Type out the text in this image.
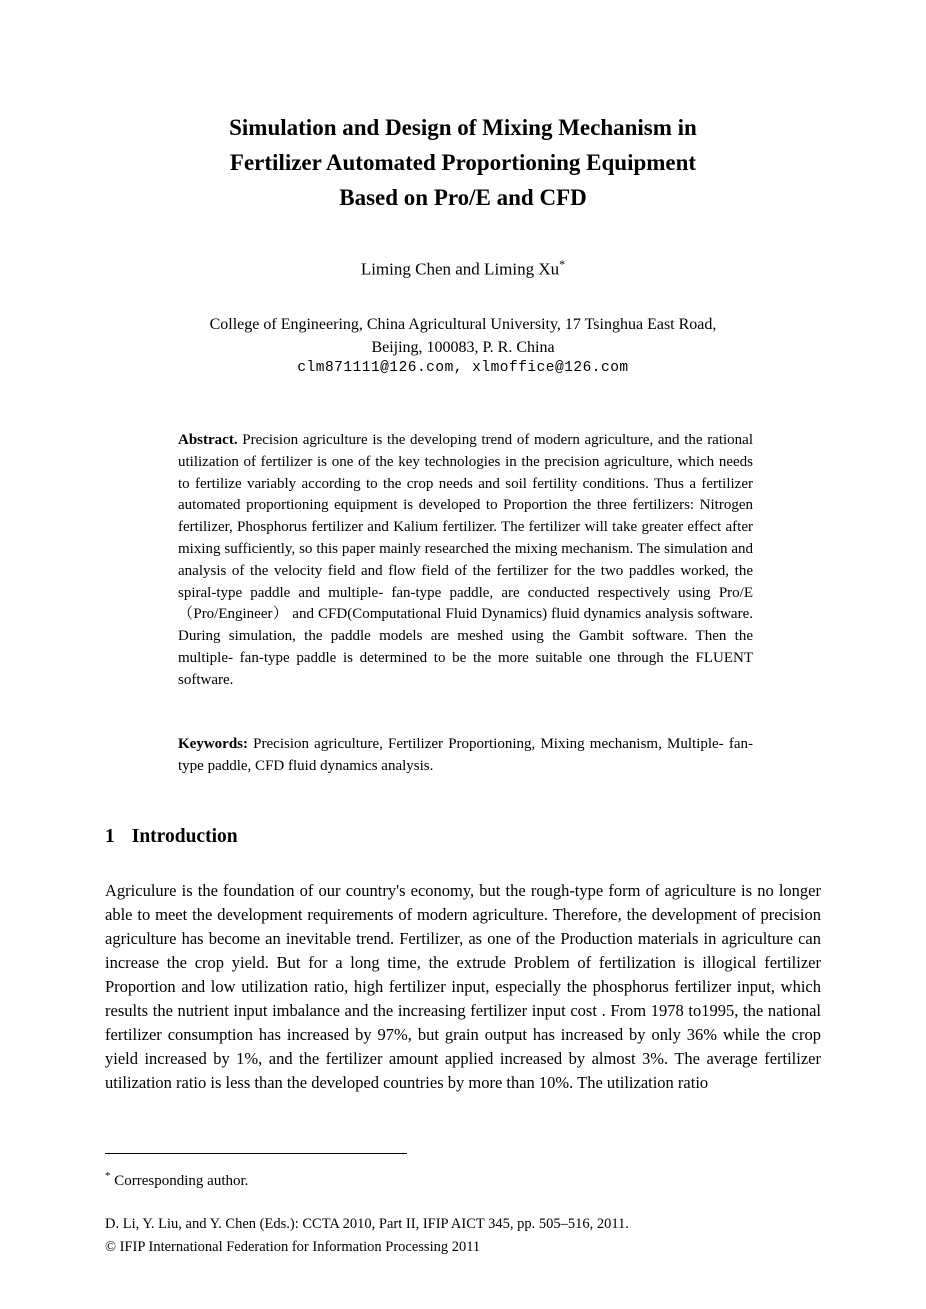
Simulation and Design of Mixing Mechanism in
Fertilizer Automated Proportioning Equipment
Based on Pro/E and CFD
Liming Chen and Liming Xu*
College of Engineering, China Agricultural University, 17 Tsinghua East Road,
Beijing, 100083, P. R. China
clm871111@126.com, xlmoffice@126.com
Abstract. Precision agriculture is the developing trend of modern agriculture, and the rational utilization of fertilizer is one of the key technologies in the precision agriculture, which needs to fertilize variably according to the crop needs and soil fertility conditions. Thus a fertilizer automated proportioning equipment is developed to Proportion the three fertilizers: Nitrogen fertilizer, Phosphorus fertilizer and Kalium fertilizer. The fertilizer will take greater effect after mixing sufficiently, so this paper mainly researched the mixing mechanism. The simulation and analysis of the velocity field and flow field of the fertilizer for the two paddles worked, the spiral-type paddle and multiple- fan-type paddle, are conducted respectively using Pro/E（Pro/Engineer） and CFD(Computational Fluid Dynamics) fluid dynamics analysis software. During simulation, the paddle models are meshed using the Gambit software. Then the multiple- fan-type paddle is determined to be the more suitable one through the FLUENT software.
Keywords: Precision agriculture, Fertilizer Proportioning, Mixing mechanism, Multiple- fan-type paddle, CFD fluid dynamics analysis.
1 Introduction
Agriculure is the foundation of our country's economy, but the rough-type form of agriculture is no longer able to meet the development requirements of modern agriculture. Therefore, the development of precision agriculture has become an inevitable trend. Fertilizer, as one of the Production materials in agriculture can increase the crop yield. But for a long time, the extrude Problem of fertilization is illogical fertilizer Proportion and low utilization ratio, high fertilizer input, especially the phosphorus fertilizer input, which results the nutrient input imbalance and the increasing fertilizer input cost . From 1978 to1995, the national fertilizer consumption has increased by 97%, but grain output has increased by only 36% while the crop yield increased by 1%, and the fertilizer amount applied increased by almost 3%. The average fertilizer utilization ratio is less than the developed countries by more than 10%. The utilization ratio
* Corresponding author.
D. Li, Y. Liu, and Y. Chen (Eds.): CCTA 2010, Part II, IFIP AICT 345, pp. 505–516, 2011.
© IFIP International Federation for Information Processing 2011
